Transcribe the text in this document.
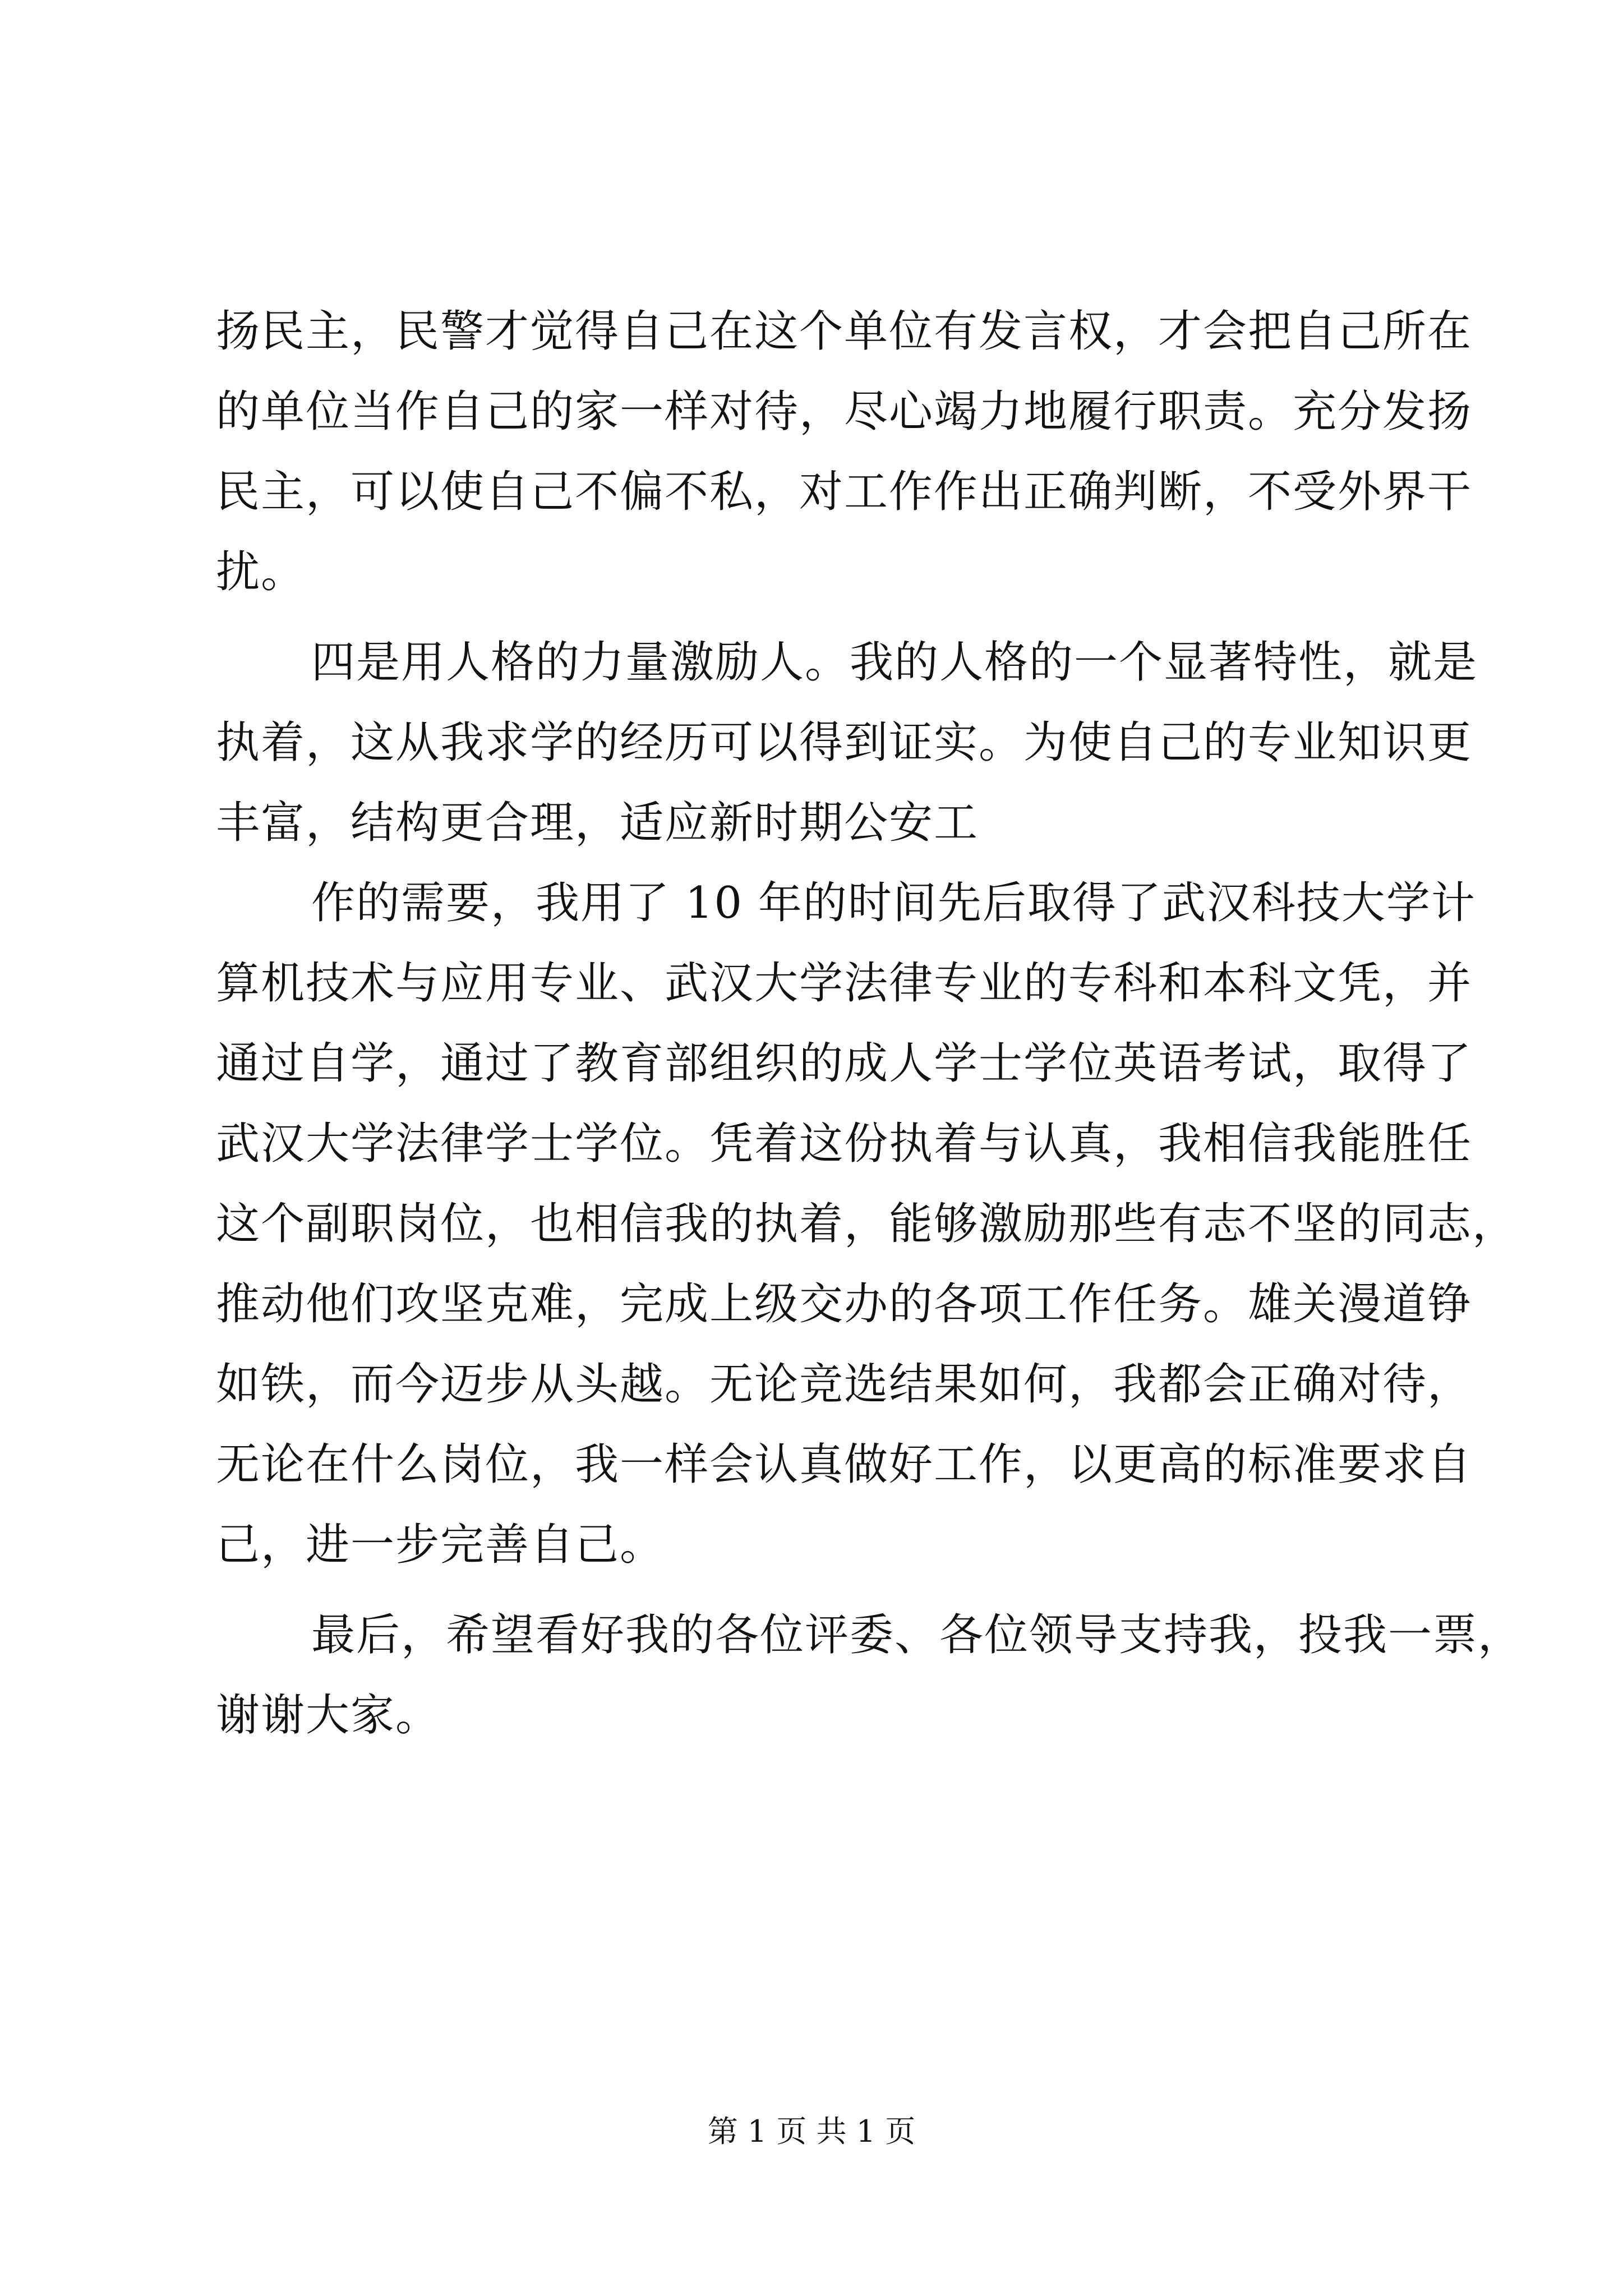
扬民主，民警才觉得自己在这个单位有发言权，才会把自己所在
的单位当作自己的家一样对待，尽心竭力地履行职责。充分发扬
民主，可以使自己不偏不私，对工作作出正确判断，不受外界干
扰。
四是用人格的力量激励人。我的人格的一个显著特性，就是
执着，这从我求学的经历可以得到证实。为使自己的专业知识更
丰富，结构更合理，适应新时期公安工
作的需要，我用了 10 年的时间先后取得了武汉科技大学计
算机技术与应用专业、武汉大学法律专业的专科和本科文凭，并
通过自学，通过了教育部组织的成人学士学位英语考试，取得了
武汉大学法律学士学位。凭着这份执着与认真，我相信我能胜任
这个副职岗位，也相信我的执着，能够激励那些有志不坚的同志，
推动他们攻坚克难，完成上级交办的各项工作任务。雄关漫道铮
如铁，而今迈步从头越。无论竞选结果如何，我都会正确对待，
无论在什么岗位，我一样会认真做好工作，以更高的标准要求自
己，进一步完善自己。
最后，希望看好我的各位评委、各位领导支持我，投我一票，
谢谢大家。
第 1 页 共 1 页
